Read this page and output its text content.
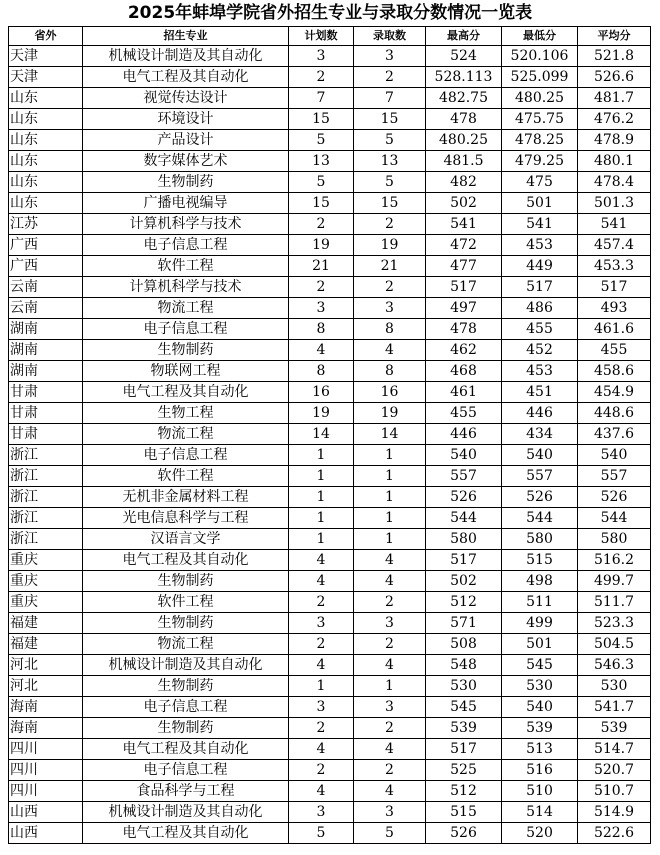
2025年蚌埠学院省外招生专业与录取分数情况一览表
省外	招生专业	计划数	录取数	最高分	最低分	平均分
天津	机械设计制造及其自动化	3	3	524	520.106	521.8
天津	电气工程及其自动化	2	2	528.113	525.099	526.6
山东	视觉传达设计	7	7	482.75	480.25	481.7
山东	环境设计	15	15	478	475.75	476.2
山东	产品设计	5	5	480.25	478.25	478.9
山东	数字媒体艺术	13	13	481.5	479.25	480.1
山东	生物制药	5	5	482	475	478.4
山东	广播电视编导	15	15	502	501	501.3
江苏	计算机科学与技术	2	2	541	541	541
广西	电子信息工程	19	19	472	453	457.4
广西	软件工程	21	21	477	449	453.3
云南	计算机科学与技术	2	2	517	517	517
云南	物流工程	3	3	497	486	493
湖南	电子信息工程	8	8	478	455	461.6
湖南	生物制药	4	4	462	452	455
湖南	物联网工程	8	8	468	453	458.6
甘肃	电气工程及其自动化	16	16	461	451	454.9
甘肃	生物工程	19	19	455	446	448.6
甘肃	物流工程	14	14	446	434	437.6
浙江	电子信息工程	1	1	540	540	540
浙江	软件工程	1	1	557	557	557
浙江	无机非金属材料工程	1	1	526	526	526
浙江	光电信息科学与工程	1	1	544	544	544
浙江	汉语言文学	1	1	580	580	580
重庆	电气工程及其自动化	4	4	517	515	516.2
重庆	生物制药	4	4	502	498	499.7
重庆	软件工程	2	2	512	511	511.7
福建	生物制药	3	3	571	499	523.3
福建	物流工程	2	2	508	501	504.5
河北	机械设计制造及其自动化	4	4	548	545	546.3
河北	生物制药	1	1	530	530	530
海南	电子信息工程	3	3	545	540	541.7
海南	生物制药	2	2	539	539	539
四川	电气工程及其自动化	4	4	517	513	514.7
四川	电子信息工程	2	2	525	516	520.7
四川	食品科学与工程	4	4	512	510	510.7
山西	机械设计制造及其自动化	3	3	515	514	514.9
山西	电气工程及其自动化	5	5	526	520	522.6
